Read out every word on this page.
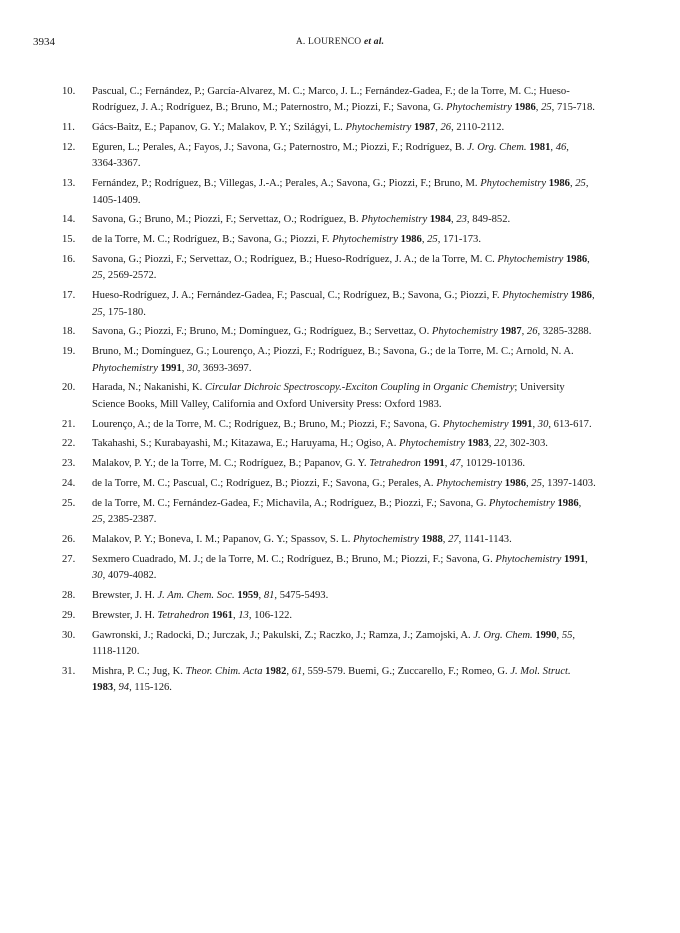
3934	A. LOURENCO et al.
10. Pascual, C.; Fernández, P.; García-Alvarez, M. C.; Marco, J. L.; Fernández-Gadea, F.; de la Torre, M. C.; Hueso-Rodríguez, J. A.; Rodríguez, B.; Bruno, M.; Paternostro, M.; Piozzi, F.; Savona, G. Phytochemistry 1986, 25, 715-718.
11. Gács-Baitz, E.; Papanov, G. Y.; Malakov, P. Y.; Szilágyi, L. Phytochemistry 1987, 26, 2110-2112.
12. Eguren, L.; Perales, A.; Fayos, J.; Savona, G.; Paternostro, M.; Piozzi, F.; Rodríguez, B. J. Org. Chem. 1981, 46, 3364-3367.
13. Fernández, P.; Rodríguez, B.; Villegas, J.-A.; Perales, A.; Savona, G.; Piozzi, F.; Bruno, M. Phytochemistry 1986, 25, 1405-1409.
14. Savona, G.; Bruno, M.; Piozzi, F.; Servettaz, O.; Rodríguez, B. Phytochemistry 1984, 23, 849-852.
15. de la Torre, M. C.; Rodríguez, B.; Savona, G.; Piozzi, F. Phytochemistry 1986, 25, 171-173.
16. Savona, G.; Piozzi, F.; Servettaz, O.; Rodríguez, B.; Hueso-Rodríguez, J. A.; de la Torre, M. C. Phytochemistry 1986, 25, 2569-2572.
17. Hueso-Rodríguez, J. A.; Fernández-Gadea, F.; Pascual, C.; Rodríguez, B.; Savona, G.; Piozzi, F. Phytochemistry 1986, 25, 175-180.
18. Savona, G.; Piozzi, F.; Bruno, M.; Domínguez, G.; Rodríguez, B.; Servettaz, O. Phytochemistry 1987, 26, 3285-3288.
19. Bruno, M.; Domínguez, G.; Lourenço, A.; Piozzi, F.; Rodríguez, B.; Savona, G.; de la Torre, M. C.; Arnold, N. A. Phytochemistry 1991, 30, 3693-3697.
20. Harada, N.; Nakanishi, K. Circular Dichroic Spectroscopy.-Exciton Coupling in Organic Chemistry; University Science Books, Mill Valley, California and Oxford University Press: Oxford 1983.
21. Lourenço, A.; de la Torre, M. C.; Rodríguez, B.; Bruno, M.; Piozzi, F.; Savona, G. Phytochemistry 1991, 30, 613-617.
22. Takahashi, S.; Kurabayashi, M.; Kitazawa, E.; Haruyama, H.; Ogiso, A. Phytochemistry 1983, 22, 302-303.
23. Malakov, P. Y.; de la Torre, M. C.; Rodríguez, B.; Papanov, G. Y. Tetrahedron 1991, 47, 10129-10136.
24. de la Torre, M. C.; Pascual, C.; Rodríguez, B.; Piozzi, F.; Savona, G.; Perales, A. Phytochemistry 1986, 25, 1397-1403.
25. de la Torre, M. C.; Fernández-Gadea, F.; Michavila, A.; Rodríguez, B.; Piozzi, F.; Savona, G. Phytochemistry 1986, 25, 2385-2387.
26. Malakov, P. Y.; Boneva, I. M.; Papanov, G. Y.; Spassov, S. L. Phytochemistry 1988, 27, 1141-1143.
27. Sexmero Cuadrado, M. J.; de la Torre, M. C.; Rodríguez, B.; Bruno, M.; Piozzi, F.; Savona, G. Phytochemistry 1991, 30, 4079-4082.
28. Brewster, J. H. J. Am. Chem. Soc. 1959, 81, 5475-5493.
29. Brewster, J. H. Tetrahedron 1961, 13, 106-122.
30. Gawronski, J.; Radocki, D.; Jurczak, J.; Pakulski, Z.; Raczko, J.; Ramza, J.; Zamojski, A. J. Org. Chem. 1990, 55, 1118-1120.
31. Mishra, P. C.; Jug, K. Theor. Chim. Acta 1982, 61, 559-579. Buemi, G.; Zuccarello, F.; Romeo, G. J. Mol. Struct. 1983, 94, 115-126.
